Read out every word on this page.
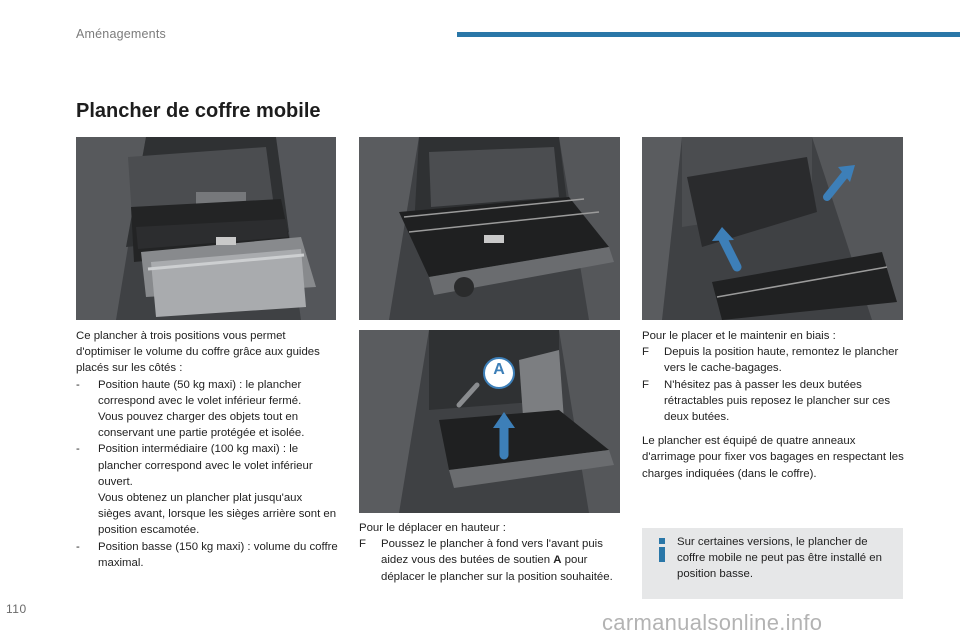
Aménagements
Plancher de coffre mobile
A

Ce plancher à trois positions vous permet d'optimiser le volume du coffre grâce aux guides placés sur les côtés :

-	Position haute (50 kg maxi) : le plancher correspond avec le volet inférieur fermé.
Vous pouvez charger des objets tout en conservant une partie protégée et isolée.
-	Position intermédiaire (100 kg maxi) : le plancher correspond avec le volet inférieur ouvert.
Vous obtenez un plancher plat jusqu'aux sièges avant, lorsque les sièges arrière sont en position escamotée.
-	Position basse (150 kg maxi) : volume du coffre maximal.

Pour le déplacer en hauteur :

F	Poussez le plancher à fond vers l'avant puis aidez vous des butées de soutien A pour déplacer le plancher sur la position souhaitée.

Pour le placer et le maintenir en biais :

F	Depuis la position haute, remontez le plancher vers le cache-bagages.
F	N'hésitez pas à passer les deux butées rétractables puis reposez le plancher sur ces deux butées.

Le plancher est équipé de quatre anneaux d'arrimage pour fixer vos bagages en respectant les charges indiquées (dans le coffre).

Sur certaines versions, le plancher de coffre mobile ne peut pas être installé en position basse.
110
carmanualsonline.info
